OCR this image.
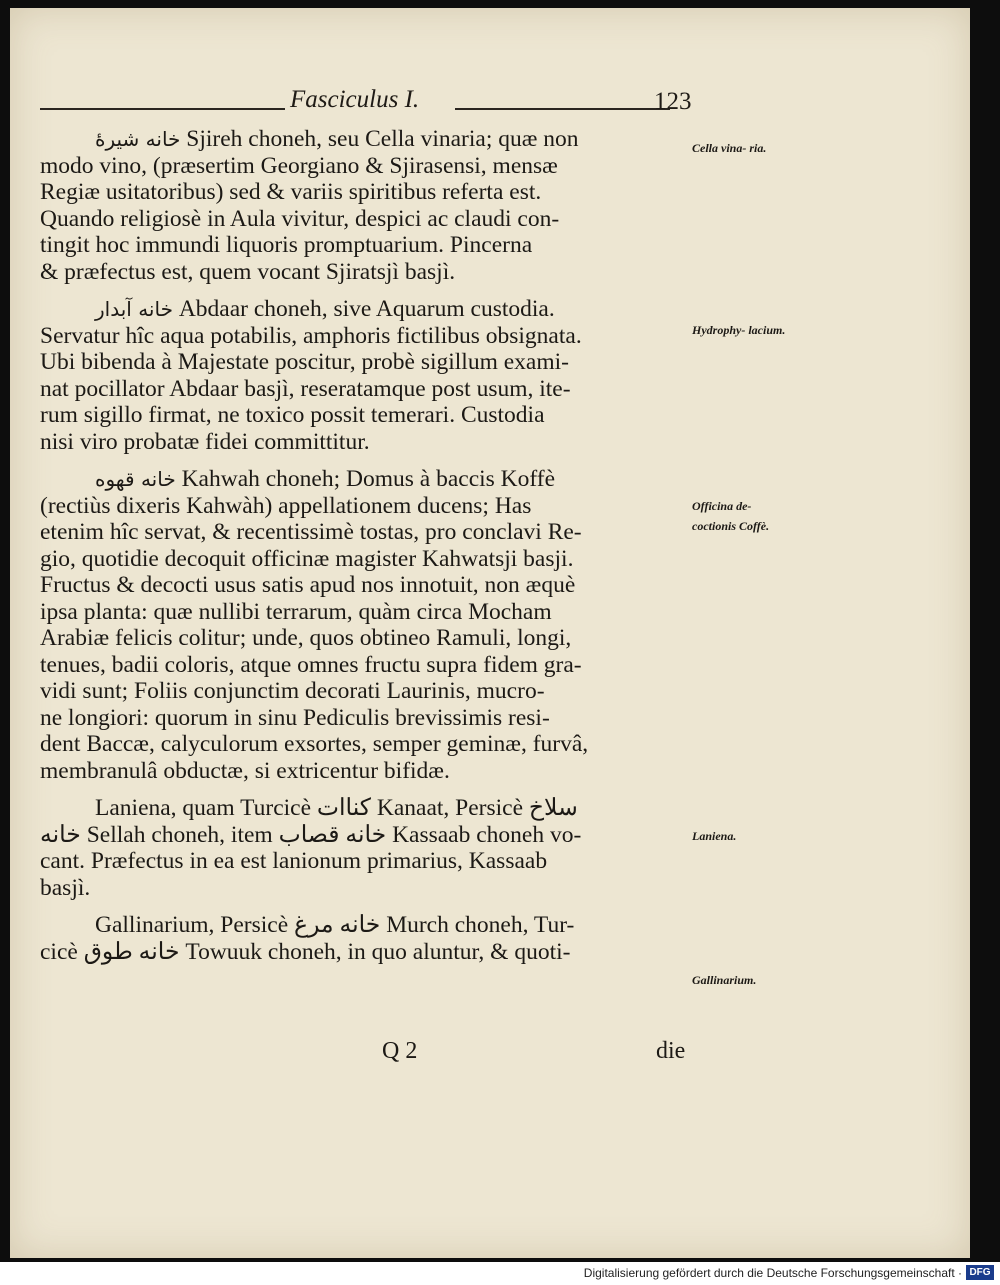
Fasciculus I.	123

خانه شيرۀ Sjireh choneh, seu Cella vinaria; quæ non
modo vino, (præsertim Georgiano & Sjirasensi, mensæ
Regiæ usitatoribus) sed & variis spiritibus referta est.
Quando religiosè in Aula vivitur, despici ac claudi con-
tingit hoc immundi liquoris promptuarium. Pincerna
& præfectus est, quem vocant Sjiratsjì basjì.

خانه آبدار Abdaar choneh, sive Aquarum custodia.
Servatur hîc aqua potabilis, amphoris fictilibus obsignata.
Ubi bibenda à Majestate poscitur, probè sigillum exami-
nat pocillator Abdaar basjì, reseratamque post usum, ite-
rum sigillo firmat, ne toxico possit temerari. Custodia
nisi viro probatæ fidei committitur.

خانه قهوه Kahwah choneh; Domus à baccis Koffè
(rectiùs dixeris Kahwàh) appellationem ducens; Has
etenim hîc servat, & recentissimè tostas, pro conclavi Re-
gio, quotidie decoquit officinæ magister Kahwatsji basji.
Fructus & decocti usus satis apud nos innotuit, non æquè
ipsa planta: quæ nullibi terrarum, quàm circa Mocham
Arabiæ felicis colitur; unde, quos obtineo Ramuli, longi,
tenues, badii coloris, atque omnes fructu supra fidem gra-
vidi sunt; Foliis conjunctim decorati Laurinis, mucro-
ne longiori: quorum in sinu Pediculis brevissimis resi-
dent Baccæ, calyculorum exsortes, semper geminæ, furvâ,
membranulâ obductæ, si extricentur bifidæ.

Laniena, quam Turcicè كناات Kanaat, Persicè سلاخ
خانه Sellah choneh, item خانه قصاب Kassaab choneh vo-
cant. Præfectus in ea est lanionum primarius, Kassaab
basjì.

Gallinarium, Persicè خانه مرغ Murch choneh, Tur-
cicè خانه طوق Towuuk choneh, in quo aluntur, & quoti-

Cella vina- ria.
Hydrophy- lacium.
Officina de- coctionis Coffè.
Laniena.
Gallinarium.
Q 2	die
Digitalisierung gefördert durch die Deutsche Forschungsgemeinschaft · DFG
